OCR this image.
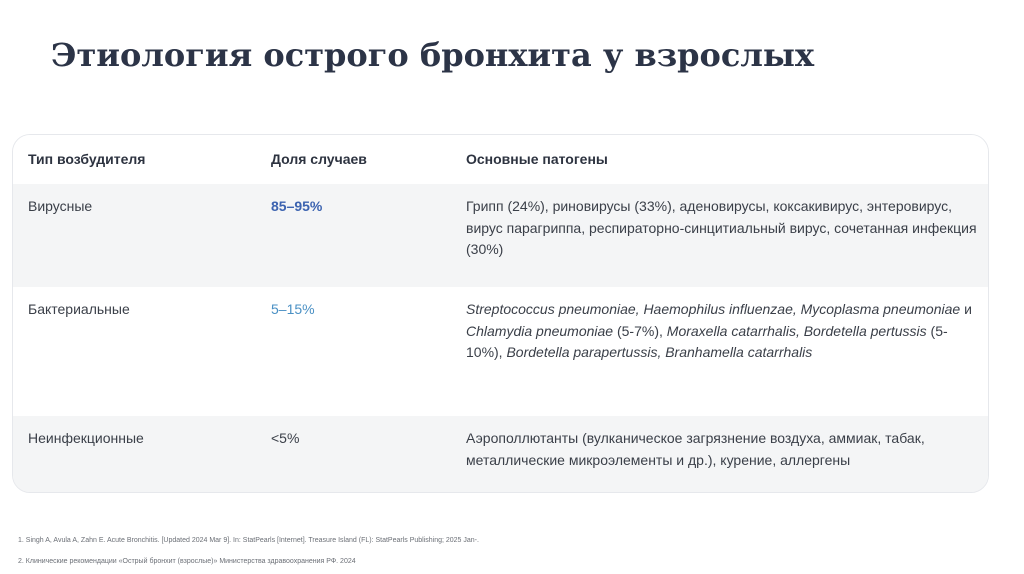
Этиология острого бронхита у взрослых
Тип возбудителя	Доля случаев	Основные патогены
Вирусные	85–95%	Грипп (24%), риновирусы (33%), аденовирусы, коксакивирус, энтеровирус, вирус парагриппа, респираторно-синцитиальный вирус, сочетанная инфекция (30%)
Бактериальные	5–15%	Streptococcus pneumoniae, Haemophilus influenzae, Mycoplasma pneumoniae и Chlamydia pneumoniae (5-7%), Moraxella catarrhalis, Bordetella pertussis (5-10%), Bordetella parapertussis, Branhamella catarrhalis
Неинфекционные	<5%	Аэрополлютанты (вулканическое загрязнение воздуха, аммиак, табак, металлические микроэлементы и др.), курение, аллергены
1. Singh A, Avula A, Zahn E. Acute Bronchitis. [Updated 2024 Mar 9]. In: StatPearls [Internet]. Treasure Island (FL): StatPearls Publishing; 2025 Jan-.
2. Клинические рекомендации «Острый бронхит (взрослые)» Министерства здравоохранения РФ. 2024
